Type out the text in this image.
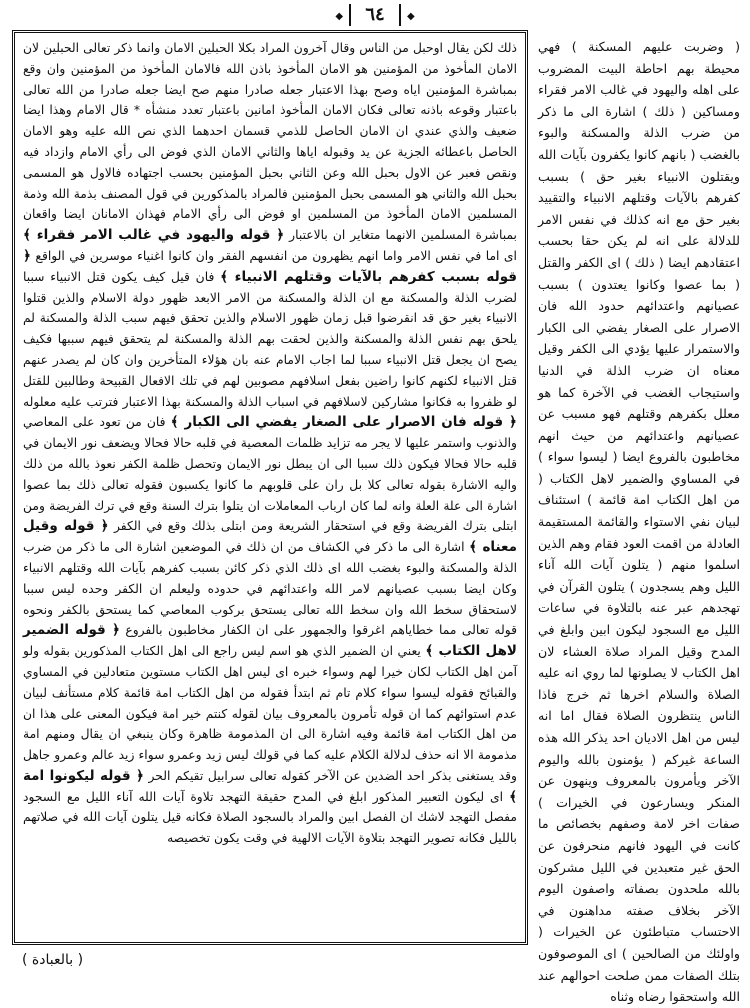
◆ ٦٤ ◆
ذلك لكن يقال اوحبل من الناس وقال آخرون المراد بكلا الحبلين الامان وانما ذكر تعالى الحبلين لان الامان المأخوذ من المؤمنين هو الامان المأخوذ باذن الله فالامان المأخوذ من المؤمنين وان وقع بمباشرة المؤمنين اياه وصح بهذا الاعتبار جعله صادرا منهم صح ايضا جعله صادرا من الله تعالى باعتبار وقوعه باذنه تعالى فكان الامان المأخوذ امانين باعتبار تعدد منشأه * قال الامام وهذا ايضا ضعيف والذي عندي ان الامان الحاصل للذمي قسمان احدهما الذي نص الله عليه وهو الامان الحاصل باعطائه الجزية عن يد وقبوله اياها والثاني الامان الذي فوض الى رأي الامام وازداد فيه ونقص فعبر عن الاول بحبل الله وعن الثاني بحبل المؤمنين بحسب اجتهاده فالاول هو المسمى بحبل الله والثاني هو المسمى بحبل المؤمنين فالمراد بالمذكورين في قول المصنف بذمة الله وذمة المسلمين الامان المأخوذ من المسلمين او فوض الى رأي الامام فهذان الامانان ايضا واقعان بمباشرة المسلمين الانهما متغاير ان بالاعتبار ﴿ قوله واليهود في غالب الامر فقراء ﴾ اى اما في نفس الامر واما انهم يظهرون من انفسهم الفقر وان كانوا اغنياء موسرين في الواقع ﴿ قوله بسبب كفرهم بالآيات وقتلهم الانبياء ﴾ فان قيل كيف يكون قتل الانبياء سببا لضرب الذلة والمسكنة مع ان الذلة والمسكنة من الامر الابعد ظهور دولة الاسلام والذين قتلوا الانبياء بغير حق قد انقرضوا قبل زمان ظهور الاسلام والذين تحقق فيهم سبب الذلة والمسكنة لم يلحق بهم نفس الذلة والمسكنة والذين لحقت بهم الذلة والمسكنة لم يتحقق فيهم سببها فكيف يصح ان يجعل قتل الانبياء سببا لما اجاب الامام عنه بان هؤلاء المتأخرين وان كان لم يصدر عنهم قتل الانبياء لكنهم كانوا راضين بفعل اسلافهم مصوبين لهم في تلك الافعال القبيحة وطالبين للقتل لو ظفروا به فكانوا مشاركين لاسلافهم في اسباب الذلة والمسكنة بهذا الاعتبار فترتب عليه معلوله ﴿ قوله فان الاصرار على الصغار يفضي الى الكبار ﴾ فان من تعود على المعاصي والذنوب واستمر عليها لا يجر مه تزايد ظلمات المعصية في قلبه حالا فحالا ويضعف نور الايمان في قلبه حالا فحالا فيكون ذلك سببا الى ان يبطل نور الايمان وتحصل ظلمة الكفر نعوذ بالله من ذلك واليه الاشارة بقوله تعالى كلا بل ران على قلوبهم ما كانوا يكسبون فقوله تعالى ذلك بما عصوا اشارة الى علة العلة وانه لما كان ارباب المعاملات ان يتلوا بترك السنة وقع في ترك الفريضة ومن ابتلى بترك الفريضة وقع في استحقار الشريعة ومن ابتلى بذلك وقع في الكفر ﴿ قوله وقيل معناه ﴾ اشارة الى ما ذكر في الكشاف من ان ذلك في الموضعين اشارة الى ما ذكر من ضرب الذلة والمسكنة والبوء بغضب الله اى ذلك الذي ذكر كائن بسبب كفرهم بآيات الله وقتلهم الانبياء وكان ايضا بسبب عصيانهم لامر الله واعتدائهم في حدوده وليعلم ان الكفر وحده ليس سببا لاستحقاق سخط الله وان سخط الله تعالى يستحق بركوب المعاصي كما يستحق بالكفر ونحوه قوله تعالى مما خطاياهم اغرقوا والجمهور على ان الكفار مخاطبون بالفروع ﴿ قوله الضمير لاهل الكتاب ﴾ يعني ان الضمير الذي هو اسم ليس راجع الى اهل الكتاب المذكورين بقوله ولو آمن اهل الكتاب لكان خيرا لهم وسواء خبره اى ليس اهل الكتاب مستوين متعادلين في المساوي والقبائح فقوله ليسوا سواء كلام تام ثم ابتدأ فقوله من اهل الكتاب امة قائمة كلام مستأنف لبيان عدم استوائهم كما ان قوله تأمرون بالمعروف بيان لقوله كنتم خير امة فيكون المعنى على هذا ان من اهل الكتاب امة قائمة وفيه اشارة الى ان المذمومة ظاهرة وكان ينبغي ان يقال ومنهم امة مذمومة الا انه حذف لدلالة الكلام عليه كما في قولك ليس زيد وعمرو سواء زيد عالم وعمرو جاهل وقد يستغنى بذكر احد الضدين عن الآخر كقوله تعالى سرابيل تقيكم الحر ﴿ قوله ليكونوا امة ﴾ اى ليكون التعبير المذكور ابلغ في المدح حقيقة التهجد تلاوة آيات الله آناء الليل مع السجود مفصل التهجد لاشك ان الفصل ابين والمراد بالسجود الصلاة فكانه قيل يتلون آيات الله في صلاتهم بالليل فكانه تصوير التهجد بتلاوة الآيات الالهية في وقت يكون تخصيصه
( وضربت عليهم المسكنة ) فهي محيطة بهم احاطة البيت المضروب على اهله واليهود في غالب الامر فقراء ومساكين ( ذلك ) اشارة الى ما ذكر من ضرب الذلة والمسكنة والبوء بالغضب ( بانهم كانوا يكفرون بآيات الله ويقتلون الانبياء بغير حق ) بسبب كفرهم بالآيات وقتلهم الانبياء والتقييد بغير حق مع انه كذلك في نفس الامر للدلالة على انه لم يكن حقا بحسب اعتقادهم ايضا ( ذلك ) اى الكفر والقتل ( بما عصوا وكانوا يعتدون ) بسبب عصيانهم واعتدائهم حدود الله فان الاصرار على الصغار يفضي الى الكبار والاستمرار عليها يؤدي الى الكفر وقيل معناه ان ضرب الذلة في الدنيا واستيجاب الغضب في الآخرة كما هو معلل بكفرهم وقتلهم فهو مسبب عن عصيانهم واعتدائهم من حيث انهم مخاطبون بالفروع ايضا ( ليسوا سواء ) في المساوي والضمير لاهل الكتاب ( من اهل الكتاب امة قائمة ) استئناف لبيان نفي الاستواء والقائمة المستقيمة العادلة من اقمت العود فقام وهم الذين اسلموا منهم ( يتلون آيات الله آناء الليل وهم يسجدون ) يتلون القرآن في تهجدهم عبر عنه بالتلاوة في ساعات الليل مع السجود ليكون ابين وابلغ في المدح وقيل المراد صلاة العشاء لان اهل الكتاب لا يصلونها لما روي انه عليه الصلاة والسلام اخرها ثم خرج فاذا الناس ينتظرون الصلاة فقال اما انه ليس من اهل الاديان احد يذكر الله هذه الساعة غيركم ( يؤمنون بالله واليوم الآخر ويأمرون بالمعروف وينهون عن المنكر ويسارعون في الخيرات ) صفات اخر لامة وصفهم بخصائص ما كانت في اليهود فانهم منحرفون عن الحق غير متعبدين في الليل مشركون بالله ملحدون بصفاته واصفون اليوم الآخر بخلاف صفته مداهنون في الاحتساب متباطئون عن الخيرات ( واولئك من الصالحين ) اى الموصوفون بتلك الصفات ممن صلحت احوالهم عند الله واستحقوا رضاه وثناه
( بالعبادة )
